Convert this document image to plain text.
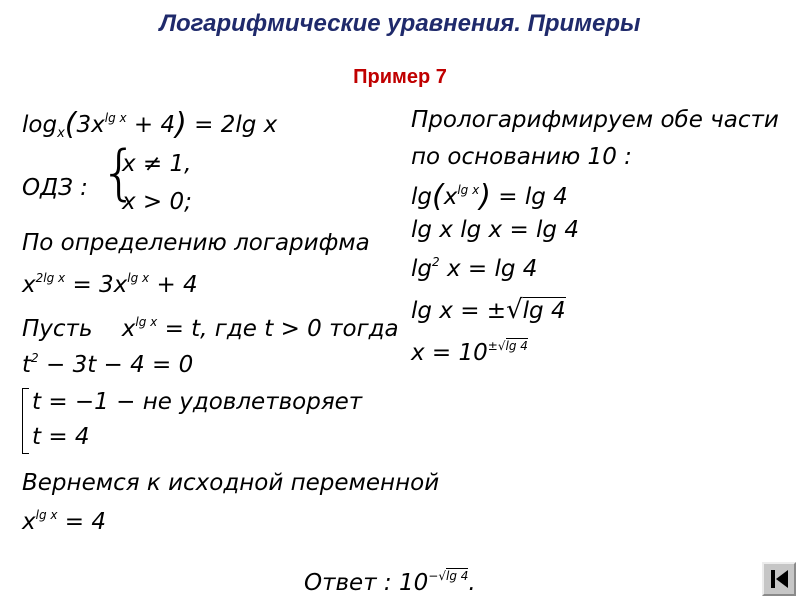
Логарифмические уравнения. Примеры
Пример 7
$\log_x(3x^{lg x} + 4) = 2\lg$ x
ОДЗ : {
x ≠ 1,
x > 0;
По определению логарифма
$x^{2lg x} = 3x^{lg x} + 4$
Пусть $x^{lg x} = t$, где t > 0 тогда
$t^2 - 3t - 4 = 0$
t = −1 − не удовлетворяет
t = 4
Вернемся к исходной переменной
$x^{lg x} = 4$
Прологарифмируем обе части
по основанию 10 :
$\lg(x^{lg x}) = \lg 4$
lg x lg x = lg 4
$\lg^2 x = \lg 4$
lg x = ±√lg 4
$x = 10^{\pm√lg 4}$
Ответ : $10^{-√lg 4}$.
